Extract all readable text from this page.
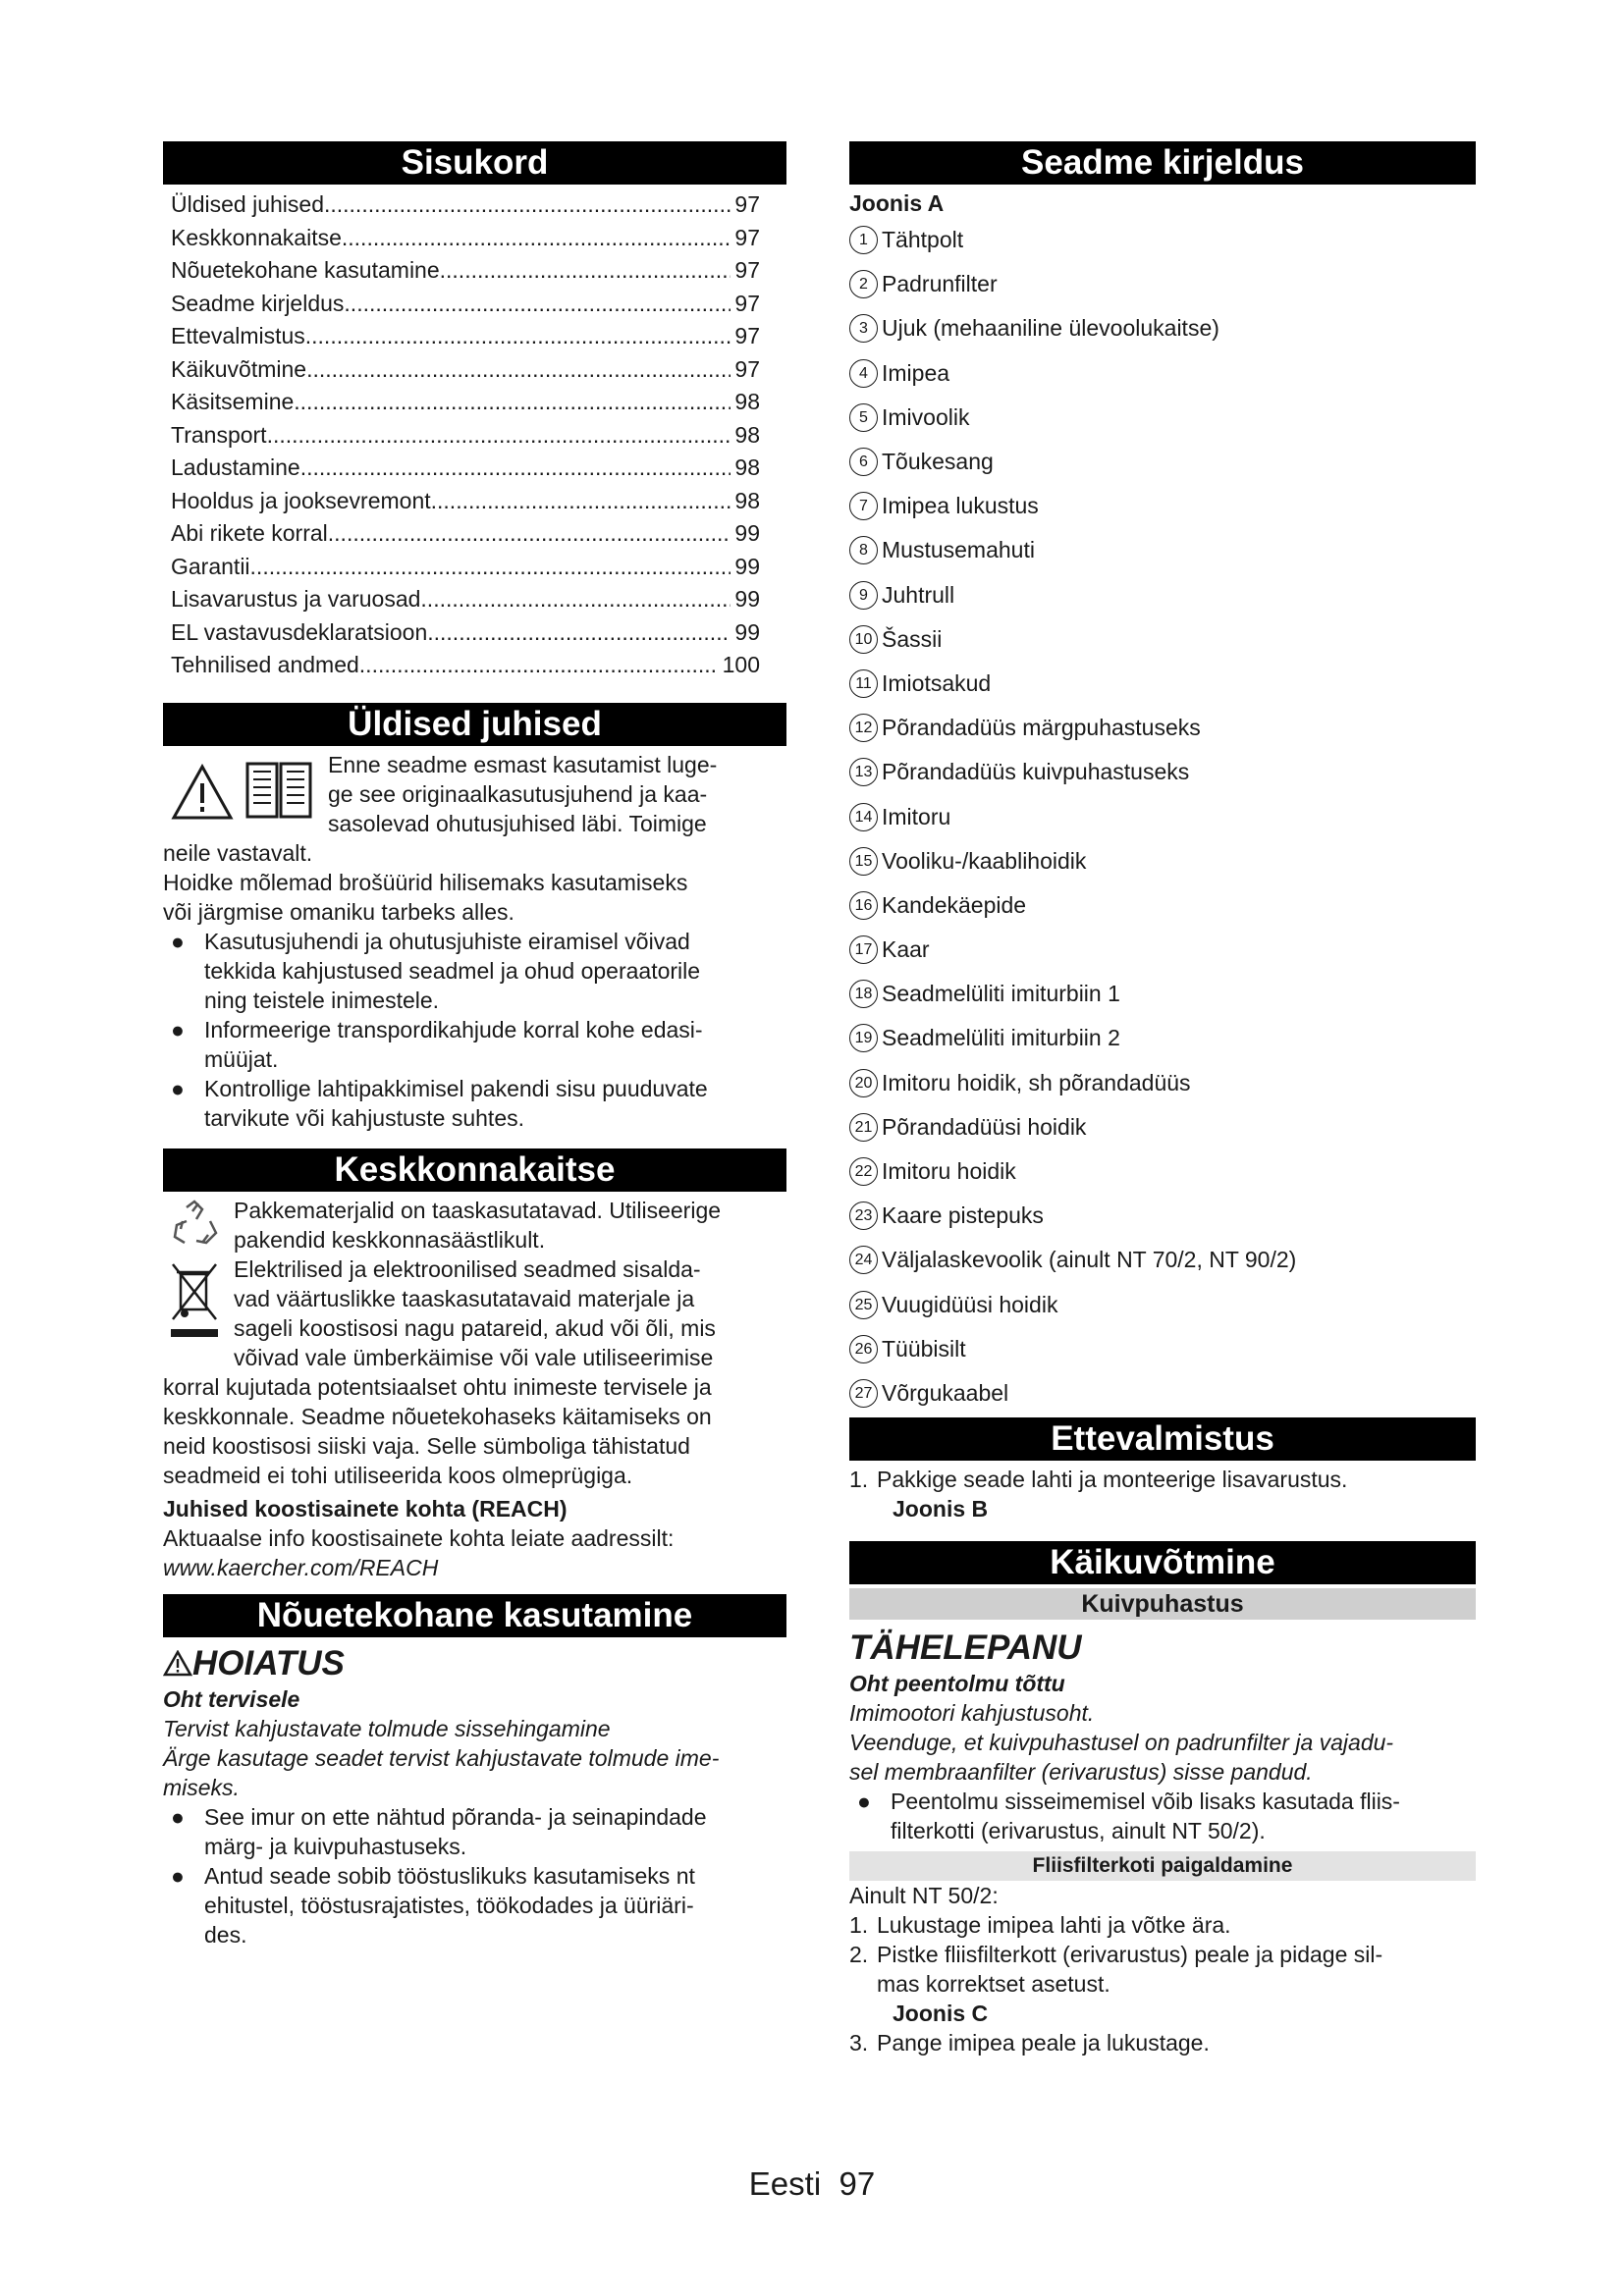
Sisukord
Üldised juhised .....	97
Keskkonnakaitse .....	97
Nõuetekohane kasutamine .....	97
Seadme kirjeldus .....	97
Ettevalmistus .....	97
Käikuvõtmine .....	97
Käsitsemine .....	98
Transport .....	98
Ladustamine .....	98
Hooldus ja jooksevremont .....	98
Abi rikete korral .....	99
Garantii .....	99
Lisavarustus ja varuosad .....	99
EL vastavusdeklaratsioon .....	99
Tehnilised andmed .....	100
Üldised juhised

Enne seadme esmast kasutamist luge-

ge see originaalkasutusjuhend ja kaa-

sasolevad ohutusjuhised läbi. Toimige

neile vastavalt.

Hoidke mõlemad brošüürid hilisemaks kasutamiseks

või järgmise omaniku tarbeks alles.

● Kasutusjuhendi ja ohutusjuhiste eiramisel võivad
tekkida kahjustused seadmel ja ohud operaatorile
ning teistele inimestele.
● Informeerige transpordikahjude korral kohe edasi-
müüjat.
● Kontrollige lahtipakkimisel pakendi sisu puuduvate
tarvikute või kahjustuste suhtes.
Keskkonnakaitse

Pakkematerjalid on taaskasutatavad. Utiliseerige

pakendid keskkonnasäästlikult.

Elektrilised ja elektroonilised seadmed sisalda-

vad väärtuslikke taaskasutatavaid materjale ja

sageli koostisosi nagu patareid, akud või õli, mis

võivad vale ümberkäimise või vale utiliseerimise

korral kujutada potentsiaalset ohtu inimeste tervisele ja

keskkonnale. Seadme nõuetekohaseks käitamiseks on

neid koostisosi siiski vaja. Selle sümboliga tähistatud

seadmeid ei tohi utiliseerida koos olmeprügiga.

Juhised koostisainete kohta (REACH)

Aktuaalse info koostisainete kohta leiate aadressilt:

www.kaercher.com/REACH

Nõuetekohane kasutamine
HOIATUS

Oht tervisele

Tervist kahjustavate tolmude sissehingamine

Ärge kasutage seadet tervist kahjustavate tolmude ime-

miseks.

● See imur on ette nähtud põranda- ja seinapindade
märg- ja kuivpuhastuseks.
● Antud seade sobib tööstuslikuks kasutamiseks nt
ehitustel, tööstusrajatistes, töökodades ja üüriäri-
des.
Seadme kirjeldus

Joonis A

1 Tähtpolt
2 Padrunfilter
3 Ujuk (mehaaniline ülevoolukaitse)
4 Imipea
5 Imivoolik
6 Tõukesang
7 Imipea lukustus
8 Mustusemahuti
9 Juhtrull
10 Šassii
11 Imiotsakud
12 Põrandadüüs märgpuhastuseks
13 Põrandadüüs kuivpuhastuseks
14 Imitoru
15 Vooliku-/kaablihoidik
16 Kandekäepide
17 Kaar
18 Seadmelüliti imiturbiin 1
19 Seadmelüliti imiturbiin 2
20 Imitoru hoidik, sh põrandadüüs
21 Põrandadüüsi hoidik
22 Imitoru hoidik
23 Kaare pistepuks
24 Väljalaskevoolik (ainult NT 70/2, NT 90/2)
25 Vuugidüüsi hoidik
26 Tüübisilt
27 Võrgukaabel
Ettevalmistus
1. Pakkige seade lahti ja monteerige lisavarustus.

Joonis B

Käikuvõtmine
Kuivpuhastus
TÄHELEPANU

Oht peentolmu tõttu

Imimootori kahjustusoht.

Veenduge, et kuivpuhastusel on padrunfilter ja vajadu-

sel membraanfilter (erivarustus) sisse pandud.

● Peentolmu sisseimemisel võib lisaks kasutada fliis-
filterkotti (erivarustus, ainult NT 50/2).
Fliisfilterkoti paigaldamine

Ainult NT 50/2:

1. Lukustage imipea lahti ja võtke ära.
2. Pistke fliisfilterkott (erivarustus) peale ja pidage sil-
mas korrektset asetust.

Joonis C

3. Pange imipea peale ja lukustage.
Eesti 97
